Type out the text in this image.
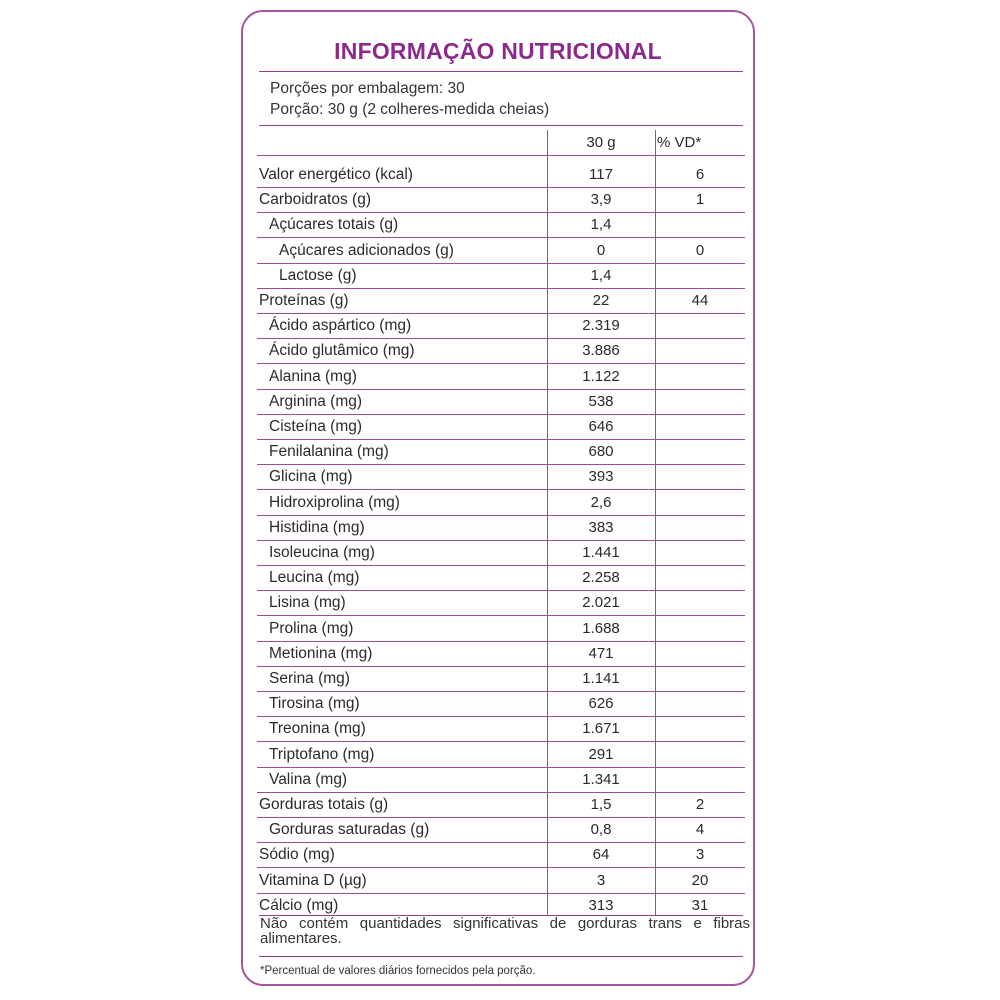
INFORMAÇÃO NUTRICIONAL
Porções por embalagem: 30
Porção: 30 g (2 colheres-medida cheias)
30 g	% VD*
Valor energético (kcal)	117	6
Carboidratos (g)	3,9	1
Açúcares totais (g)	1,4
Açúcares adicionados (g)	0	0
Lactose (g)	1,4
Proteínas (g)	22	44
Ácido aspártico (mg)	2.319
Ácido glutâmico (mg)	3.886
Alanina (mg)	1.122
Arginina (mg)	538
Cisteína (mg)	646
Fenilalanina (mg)	680
Glicina (mg)	393
Hidroxiprolina (mg)	2,6
Histidina (mg)	383
Isoleucina (mg)	1.441
Leucina (mg)	2.258
Lisina (mg)	2.021
Prolina (mg)	1.688
Metionina (mg)	471
Serina (mg)	1.141
Tirosina (mg)	626
Treonina (mg)	1.671
Triptofano (mg)	291
Valina (mg)	1.341
Gorduras totais (g)	1,5	2
Gorduras saturadas (g)	0,8	4
Sódio (mg)	64	3
Vitamina D (µg)	3	20
Cálcio (mg)	313	31
Não contém quantidades significativas de gorduras trans e fibras alimentares.
*Percentual de valores diários fornecidos pela porção.
